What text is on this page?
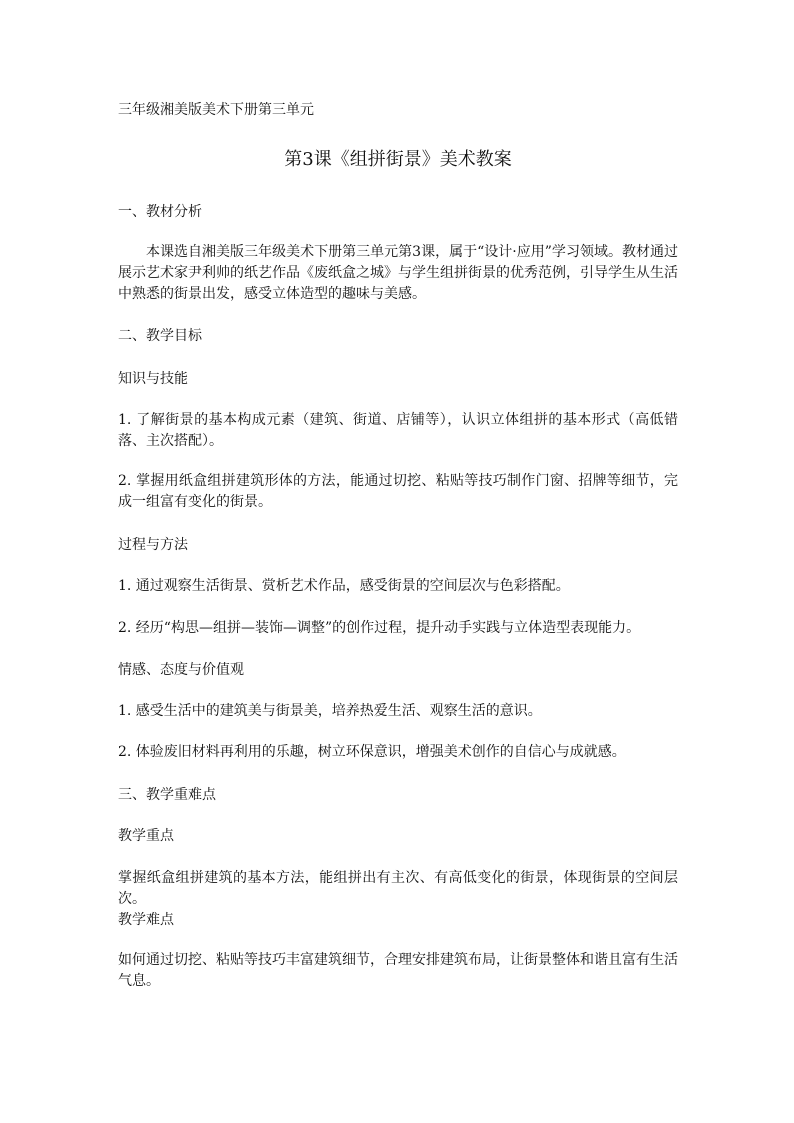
三年级湘美版美术下册第三单元
第3课《组拼街景》美术教案
一、教材分析
本课选自湘美版三年级美术下册第三单元第3课，属于“设计·应用”学习领域。教材通过展示艺术家尹利帅的纸艺作品《废纸盒之城》与学生组拼街景的优秀范例，引导学生从生活中熟悉的街景出发，感受立体造型的趣味与美感。
二、教学目标
知识与技能
1. 了解街景的基本构成元素（建筑、街道、店铺等），认识立体组拼的基本形式（高低错落、主次搭配）。
2. 掌握用纸盒组拼建筑形体的方法，能通过切挖、粘贴等技巧制作门窗、招牌等细节，完成一组富有变化的街景。
过程与方法
1. 通过观察生活街景、赏析艺术作品，感受街景的空间层次与色彩搭配。
2. 经历“构思—组拼—装饰—调整”的创作过程，提升动手实践与立体造型表现能力。
情感、态度与价值观
1. 感受生活中的建筑美与街景美，培养热爱生活、观察生活的意识。
2. 体验废旧材料再利用的乐趣，树立环保意识，增强美术创作的自信心与成就感。
三、教学重难点
教学重点
掌握纸盒组拼建筑的基本方法，能组拼出有主次、有高低变化的街景，体现街景的空间层次。
教学难点
如何通过切挖、粘贴等技巧丰富建筑细节，合理安排建筑布局，让街景整体和谐且富有生活气息。
